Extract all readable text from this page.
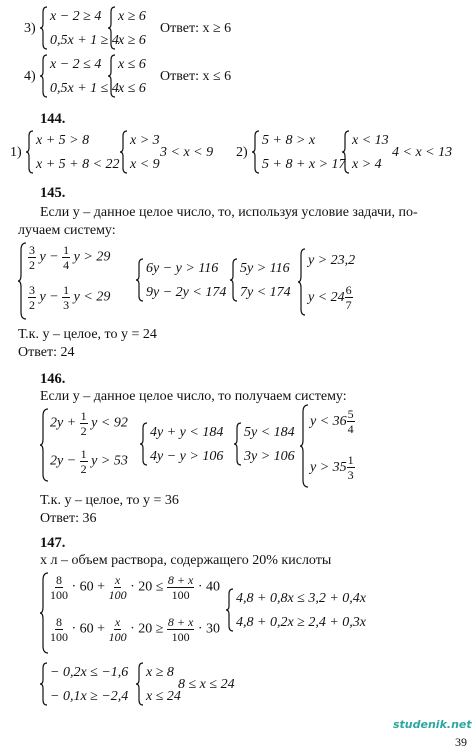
3)
x − 2 ≥ 4
0,5x + 1 ≥ 4
x ≥ 6
x ≥ 6
Ответ: x ≥ 6
4)
x − 2 ≤ 4
0,5x + 1 ≤ 4
x ≤ 6
x ≤ 6
Ответ: x ≤ 6
144.
1)
x + 5 > 8
x + 5 + 8 < 22
x > 3
x < 9
3 < x < 9 2)
5 + 8 > x
5 + 8 + x > 17
x < 13
x > 4
4 < x < 13
145.
Если y – данное целое число, то, используя условие задачи, по-
лучаем систему:
$\frac{3}{2}$ $y - \frac{1}{4}$ y > 29
$\frac{3}{2}$ $y - \frac{1}{3}$ y < 29
6y − y > 116
9y − 2y < 174
5y > 116
7y < 174
y > 23,2
$y < 24 \frac{6}{7}$
Т.к. y – целое, то y = 24
Ответ: 24
146.
Если y – данное целое число, то получаем систему:
$2y + \frac{1}{2}$ y < 92
$2y - \frac{1}{2}$ y > 53
4y + y < 184
4y − y > 106
5y < 184
3y > 106
$y < 36 \frac{5}{4}$
$y > 35 \frac{1}{3}$
Т.к. y – целое, то y = 36
Ответ: 36
147.
x л – объем раствора, содержащего 20% кислоты
$\frac{8}{100} \cdot 60 + \frac{x}{100} \cdot 20 \le \frac{8 + x}{100} \cdot 40$
$\frac{8}{100} \cdot 60 + \frac{x}{100} \cdot 20 \ge \frac{8 + x}{100} \cdot 30$
4,8 + 0,8x ≤ 3,2 + 0,4x
4,8 + 0,2x ≥ 2,4 + 0,3x
− 0,2x ≤ −1,6
− 0,1x ≥ −2,4
x ≥ 8
x ≤ 24
8 ≤ x ≤ 24
studenik.net
39
